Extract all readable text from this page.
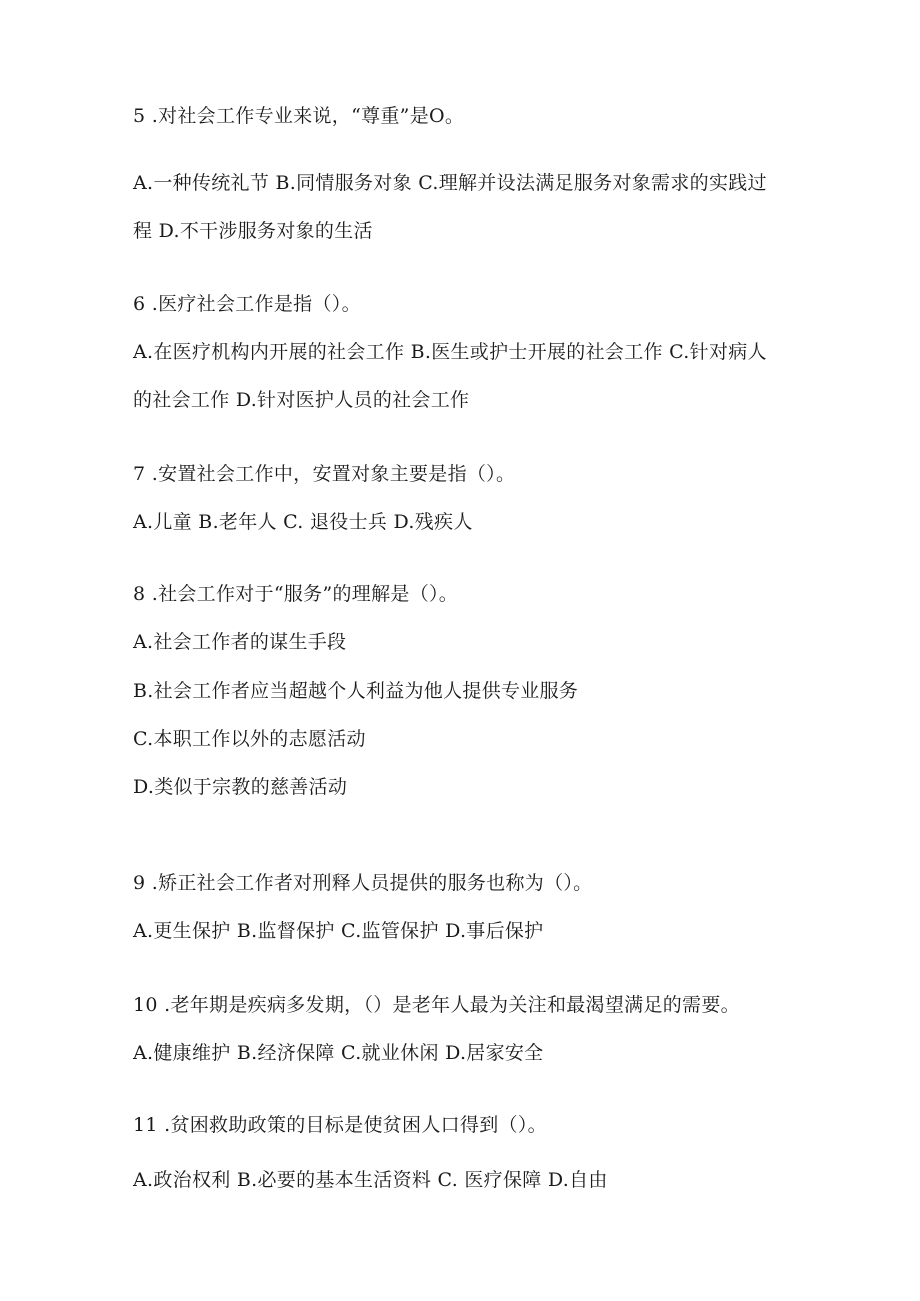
5 .对社会工作专业来说，“尊重”是O。
A.一种传统礼节 B.同情服务对象 C.理解并设法满足服务对象需求的实践过
程 D.不干涉服务对象的生活
6 .医疗社会工作是指（）。
A.在医疗机构内开展的社会工作 B.医生或护士开展的社会工作 C.针对病人
的社会工作 D.针对医护人员的社会工作
7 .安置社会工作中，安置对象主要是指（）。
A.儿童 B.老年人 C. 退役士兵 D.残疾人
8 .社会工作对于“服务”的理解是（）。
A.社会工作者的谋生手段
B.社会工作者应当超越个人利益为他人提供专业服务
C.本职工作以外的志愿活动
D.类似于宗教的慈善活动
9 .矫正社会工作者对刑释人员提供的服务也称为（）。
A.更生保护 B.监督保护 C.监管保护 D.事后保护
10 .老年期是疾病多发期，（）是老年人最为关注和最渴望满足的需要。
A.健康维护 B.经济保障 C.就业休闲 D.居家安全
11 .贫困救助政策的目标是使贫困人口得到（）。
A.政治权利 B.必要的基本生活资料 C. 医疗保障 D.自由
